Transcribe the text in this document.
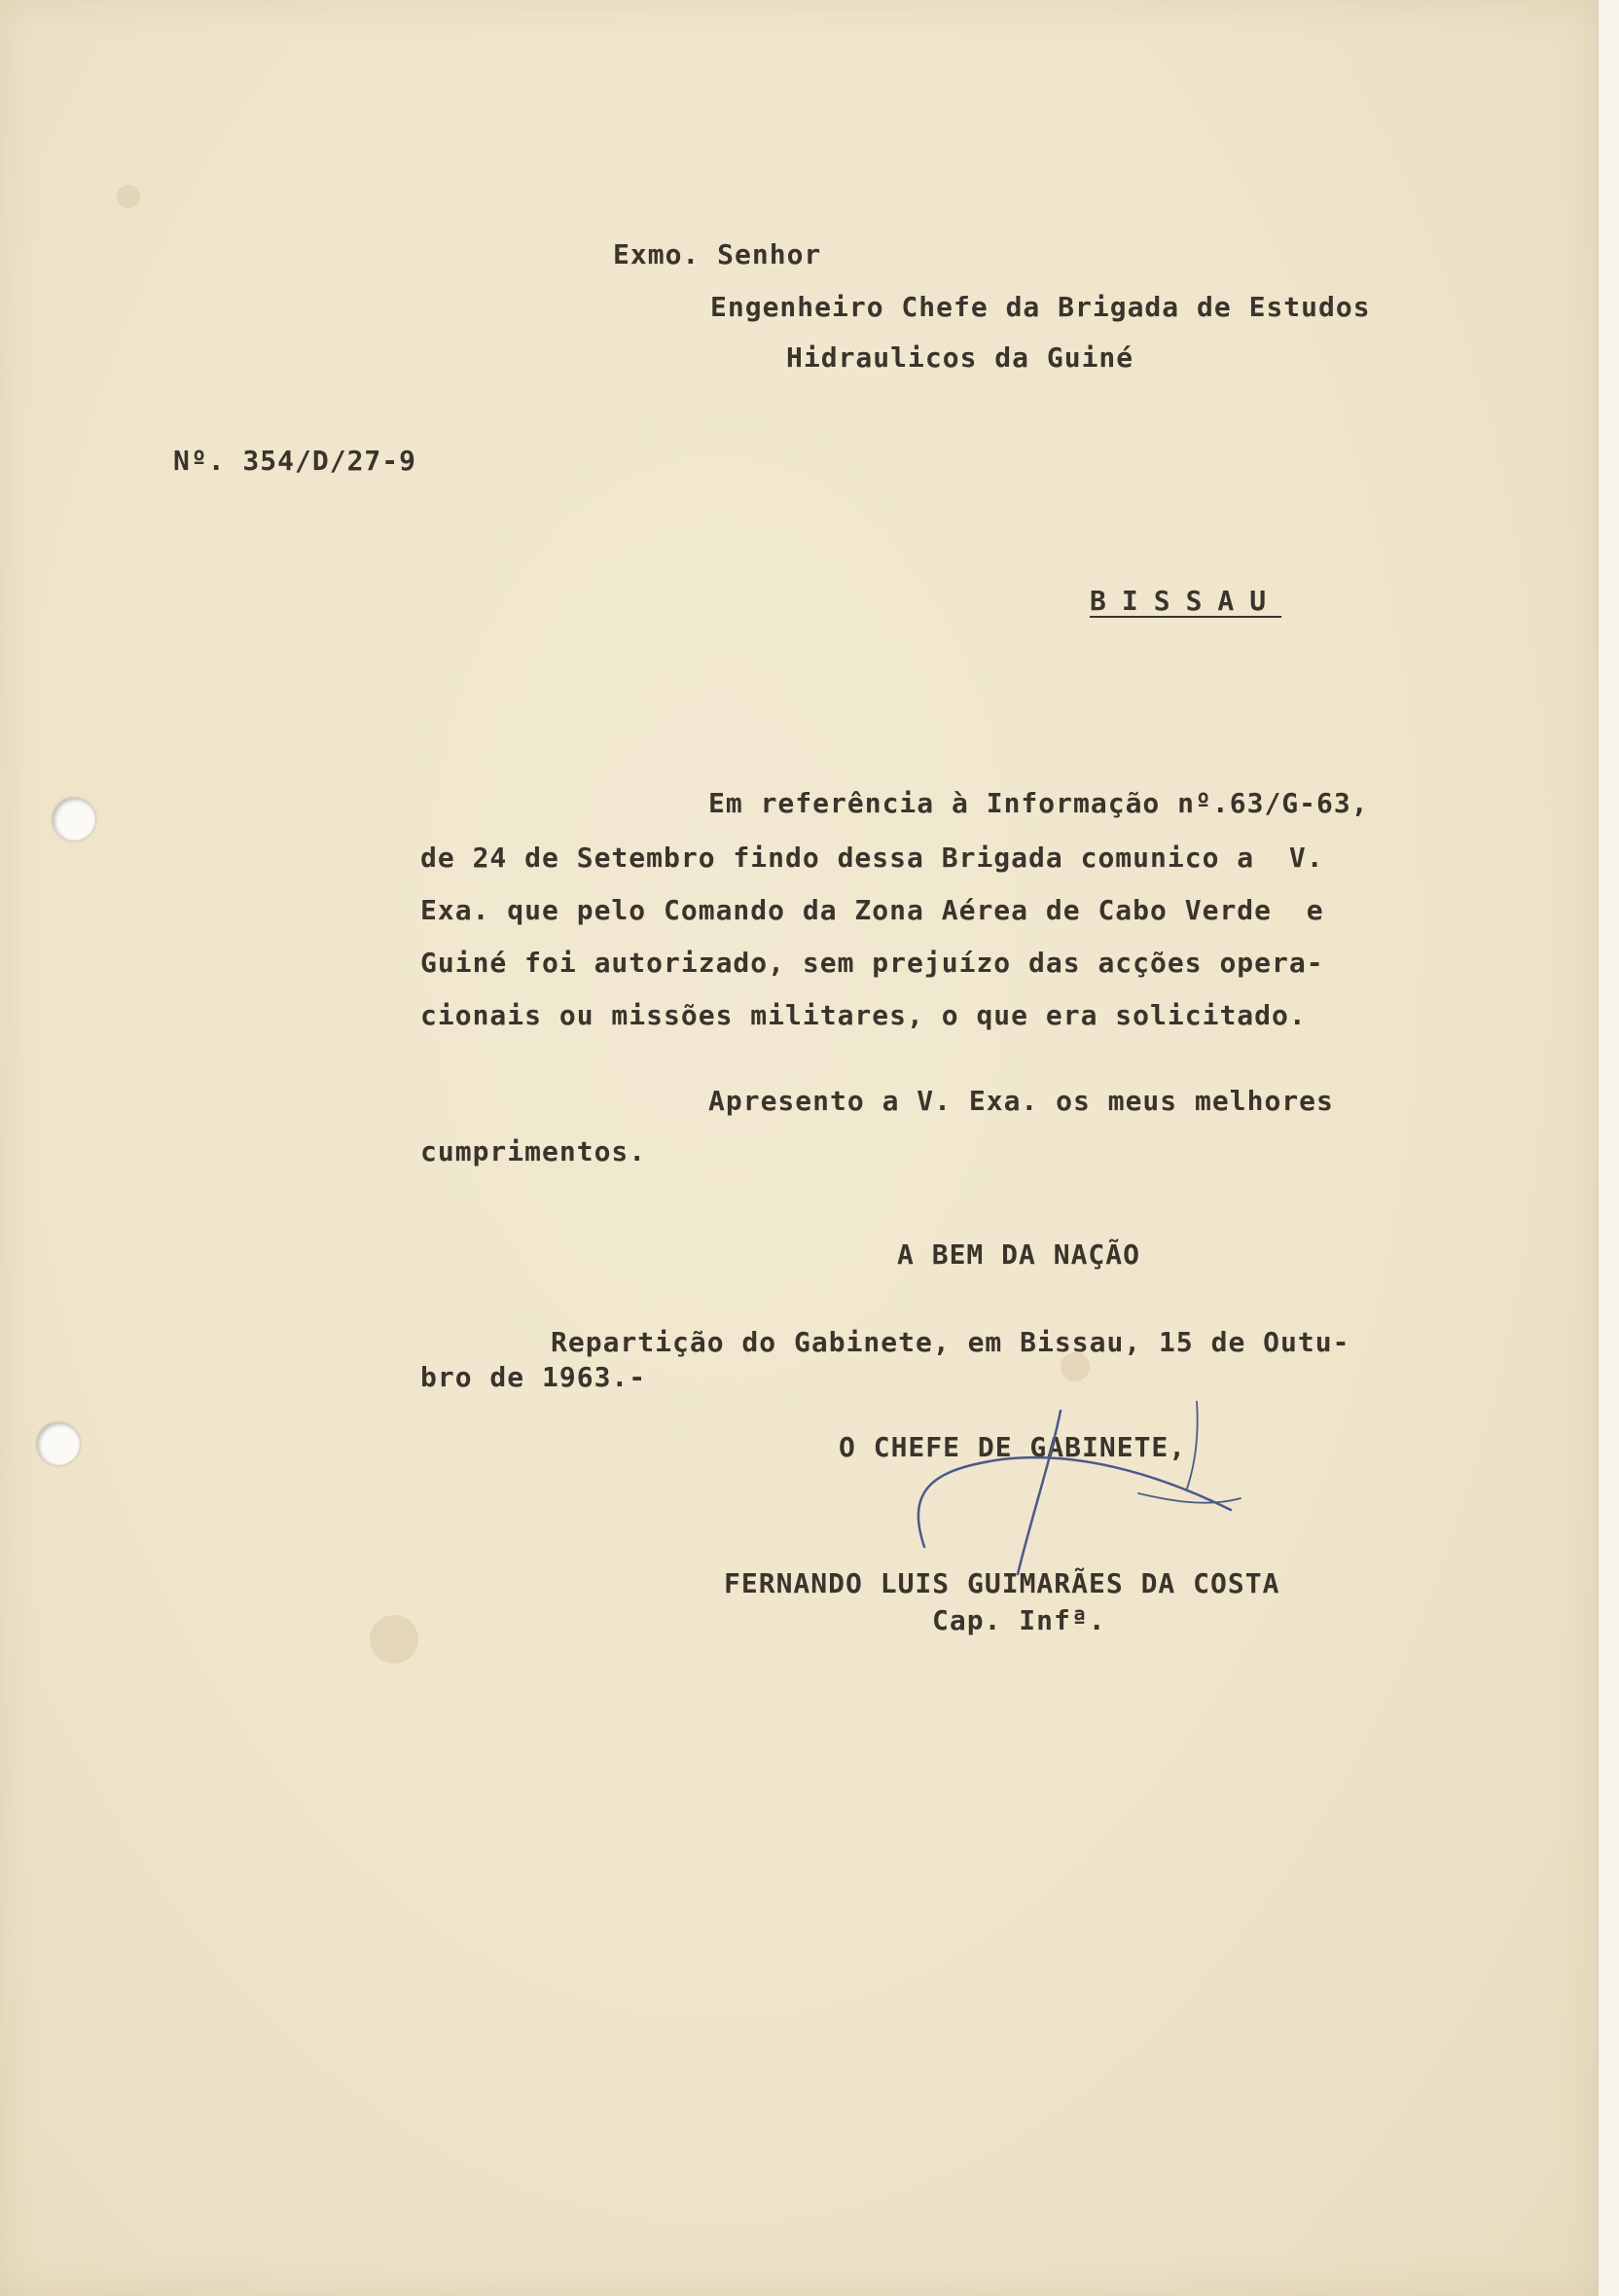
Exmo. Senhor

Engenheiro Chefe da Brigada de Estudos

Hidraulicos da Guiné

Nº. 354/D/27-9

BISSAU

Em referência à Informação nº.63/G-63,

de 24 de Setembro findo dessa Brigada comunico a  V.

Exa. que pelo Comando da Zona Aérea de Cabo Verde  e

Guiné foi autorizado, sem prejuízo das acções opera-

cionais ou missões militares, o que era solicitado.

Apresento a V. Exa. os meus melhores

cumprimentos.

A BEM DA NAÇÃO

Repartição do Gabinete, em Bissau, 15 de Outu-

bro de 1963.-

O CHEFE DE GABINETE,

FERNANDO LUIS GUIMARÃES DA COSTA

Cap. Infª.
